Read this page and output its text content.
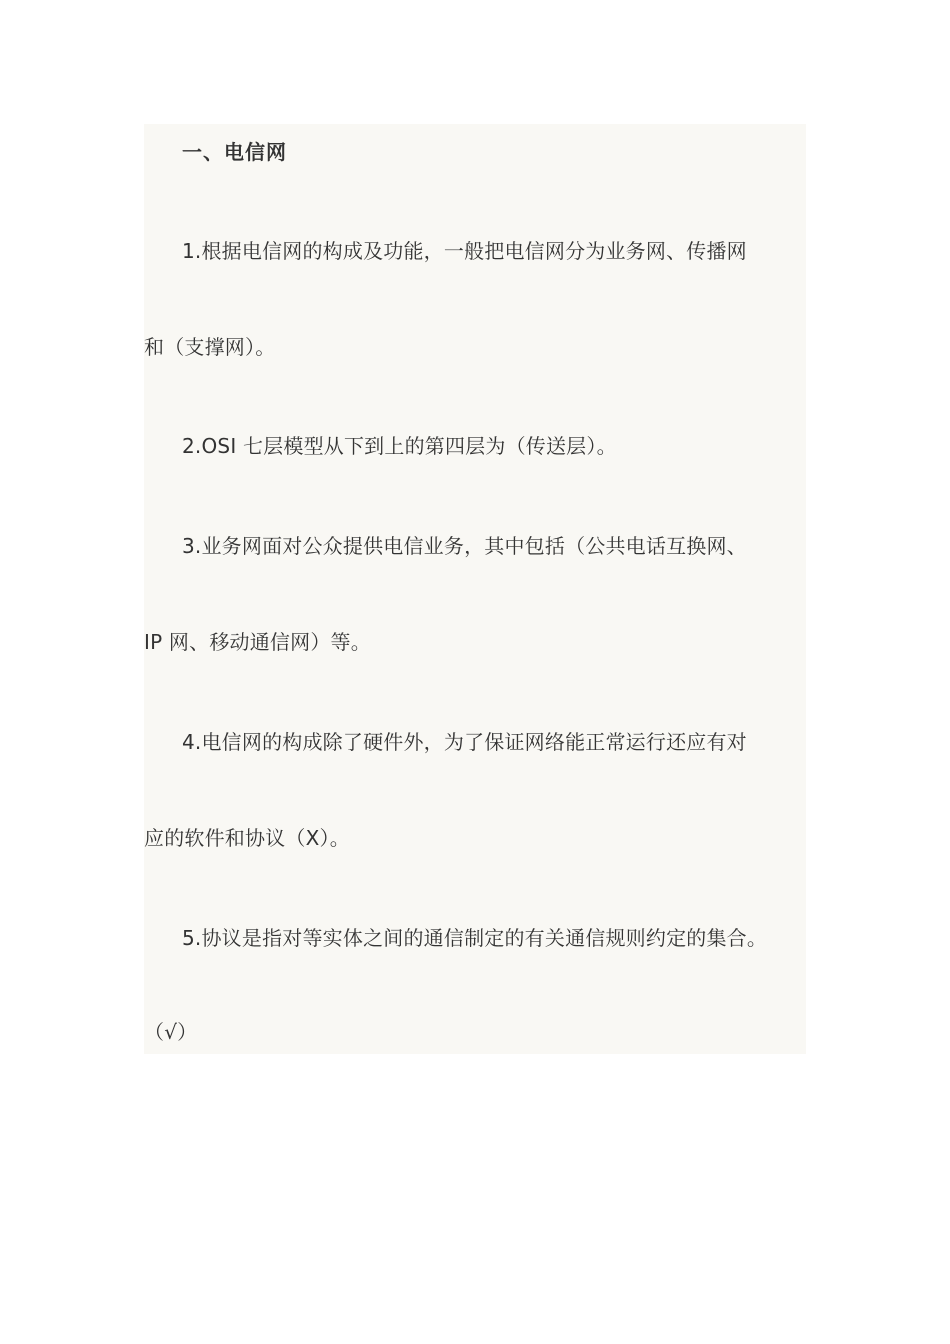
一、电信网
1.根据电信网的构成及功能，一般把电信网分为业务网、传播网
和（支撑网）。
2.OSI 七层模型从下到上的第四层为（传送层）。
3.业务网面对公众提供电信业务，其中包括（公共电话互换网、
IP 网、移动通信网）等。
4.电信网的构成除了硬件外，为了保证网络能正常运行还应有对
应的软件和协议（X）。
5.协议是指对等实体之间的通信制定的有关通信规则约定的集合。
（√）
